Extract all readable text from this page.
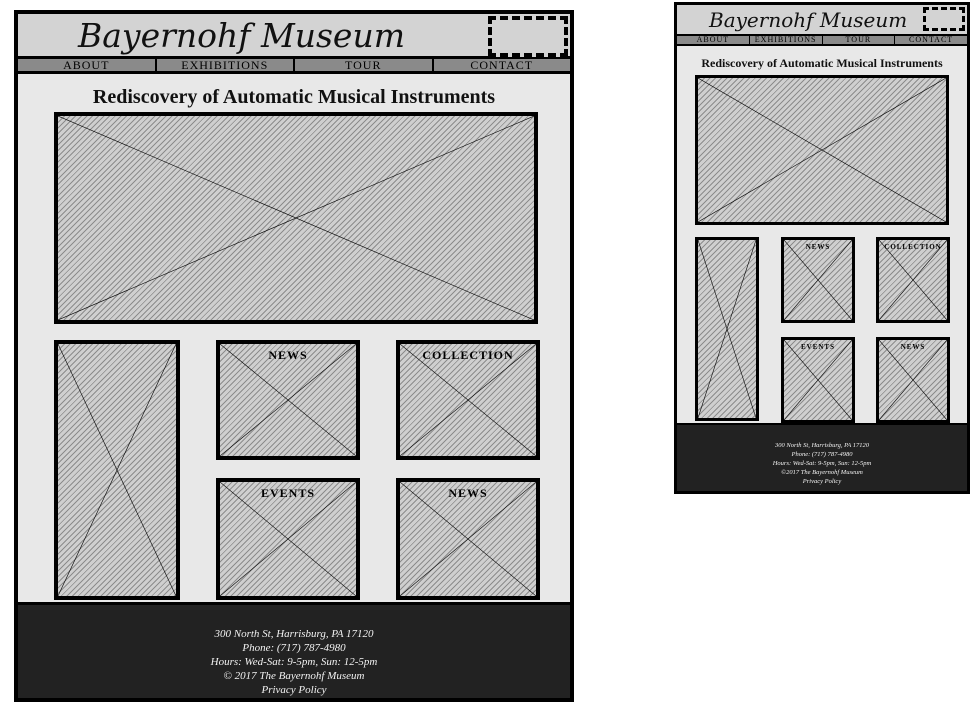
Bayernohf Museum
ABOUT	EXHIBITIONS	TOUR	CONTACT
Rediscovery of Automatic Musical Instruments
NEWS	COLLECTION
EVENTS	NEWS
300 North St, Harrisburg, PA 17120
Phone: (717) 787-4980
Hours: Wed-Sat: 9-5pm, Sun: 12-5pm
© 2017 The Bayernohf Museum
Privacy Policy
Bayernohf Museum
ABOUT	EXHIBITIONS	TOUR	CONTACT
Rediscovery of Automatic Musical Instruments
NEWS	COLLECTION
EVENTS	NEWS
300 North St, Harrisburg, PA 17120
Phone: (717) 787-4980
Hours: Wed-Sat: 9-5pm, Sun: 12-5pm
©2017 The Bayernohf Museum
Privacy Policy
